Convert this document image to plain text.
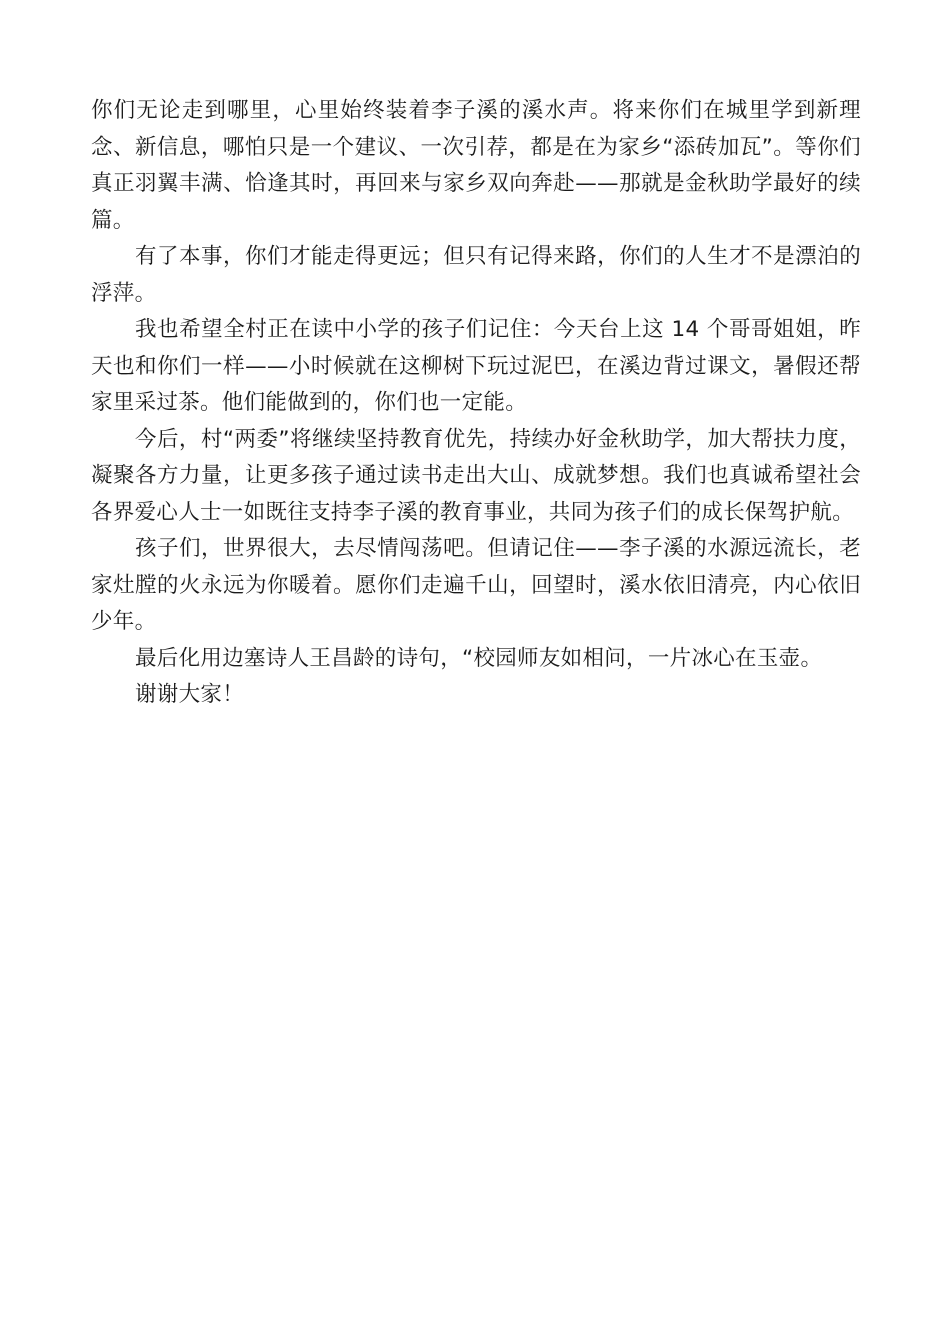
你们无论走到哪里，心里始终装着李子溪的溪水声。将来你们在城里学到新理念、新信息，哪怕只是一个建议、一次引荐，都是在为家乡“添砖加瓦”。等你们真正羽翼丰满、恰逢其时，再回来与家乡双向奔赴——那就是金秋助学最好的续篇。

有了本事，你们才能走得更远；但只有记得来路，你们的人生才不是漂泊的浮萍。

我也希望全村正在读中小学的孩子们记住：今天台上这 14 个哥哥姐姐，昨天也和你们一样——小时候就在这柳树下玩过泥巴，在溪边背过课文，暑假还帮家里采过茶。他们能做到的，你们也一定能。

今后，村“两委”将继续坚持教育优先，持续办好金秋助学，加大帮扶力度，凝聚各方力量，让更多孩子通过读书走出大山、成就梦想。我们也真诚希望社会各界爱心人士一如既往支持李子溪的教育事业，共同为孩子们的成长保驾护航。

孩子们，世界很大，去尽情闯荡吧。但请记住——李子溪的水源远流长，老家灶膛的火永远为你暖着。愿你们走遍千山，回望时，溪水依旧清亮，内心依旧少年。

最后化用边塞诗人王昌龄的诗句，“校园师友如相问，一片冰心在玉壶。

谢谢大家！
